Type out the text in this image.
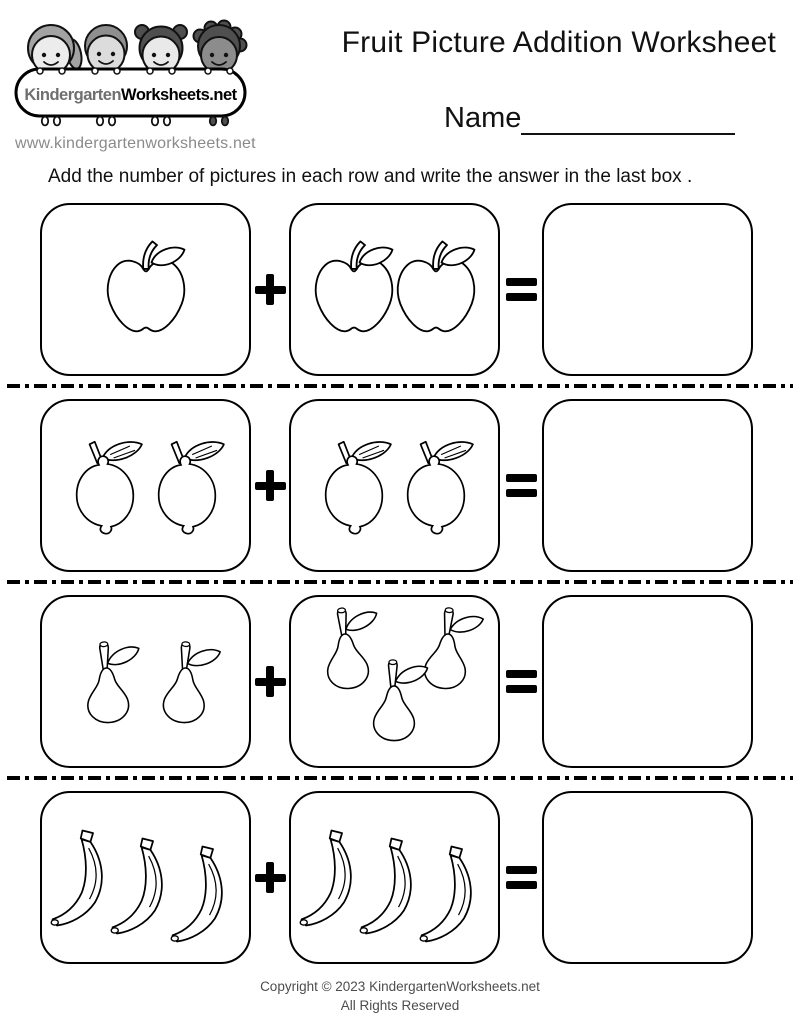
KindergartenWorksheets.net
www.kindergartenworksheets.net
Fruit Picture Addition Worksheet
Name
Add the number of pictures in each row and write the answer in the last box .
Copyright © 2023 KindergartenWorksheets.net
All Rights Reserved
